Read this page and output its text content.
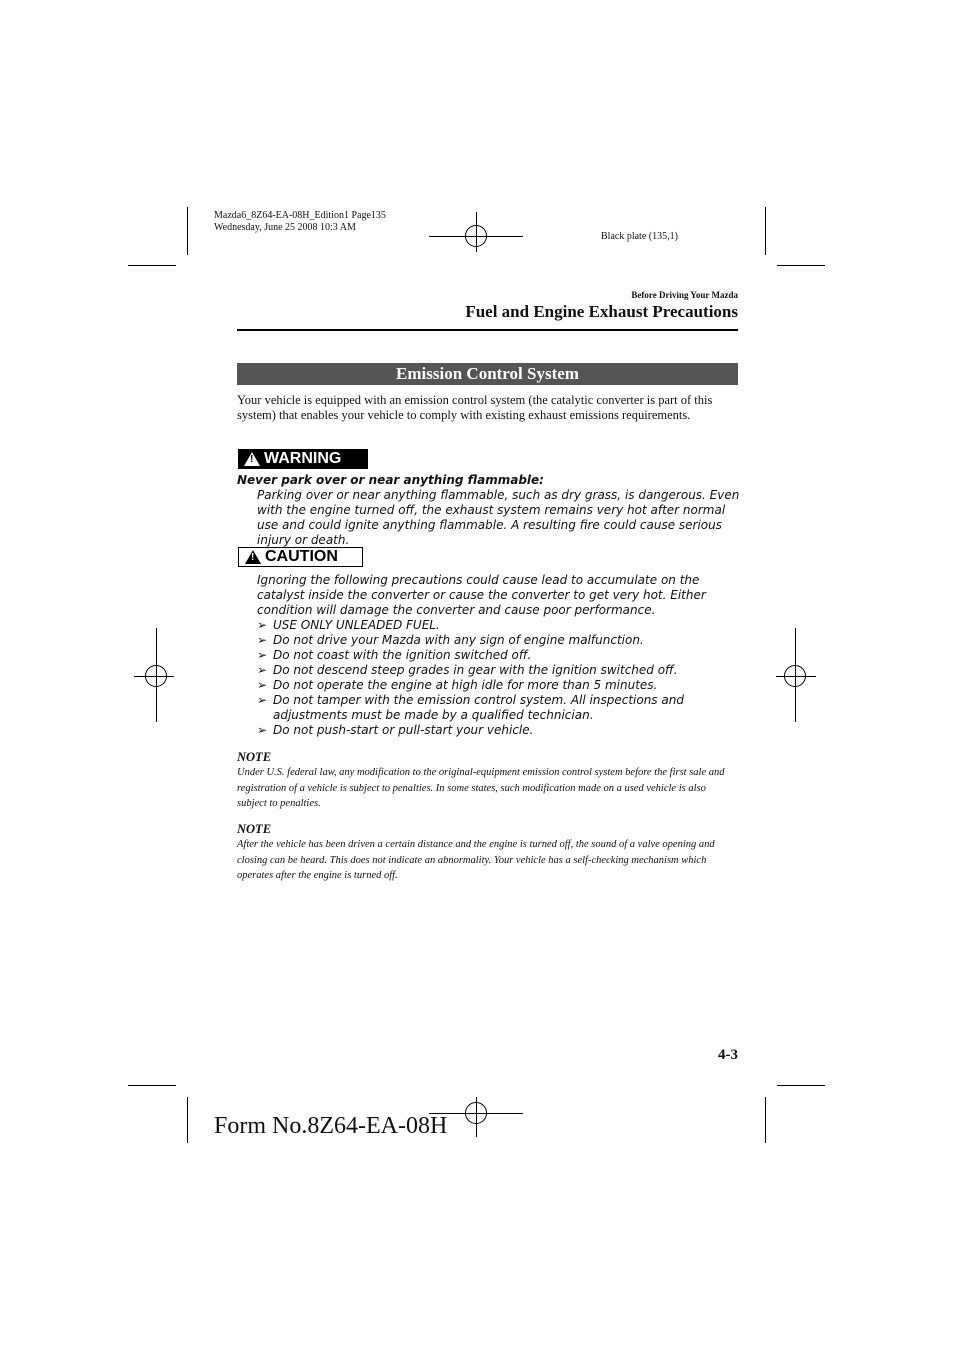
Mazda6_8Z64-EA-08H_Edition1 Page135
Wednesday, June 25 2008 10:3 AM
Black plate (135,1)
Before Driving Your Mazda
Fuel and Engine Exhaust Precautions
Emission Control System
Your vehicle is equipped with an emission control system (the catalytic converter is part of this system) that enables your vehicle to comply with existing exhaust emissions requirements.
!
WARNING
Never park over or near anything flammable:
Parking over or near anything flammable, such as dry grass, is dangerous. Even with the engine turned off, the exhaust system remains very hot after normal use and could ignite anything flammable. A resulting fire could cause serious injury or death.
!
CAUTION
Ignoring the following precautions could cause lead to accumulate on the catalyst inside the converter or cause the converter to get very hot. Either condition will damage the converter and cause poor performance.
➢ USE ONLY UNLEADED FUEL.
➢ Do not drive your Mazda with any sign of engine malfunction.
➢ Do not coast with the ignition switched off.
➢ Do not descend steep grades in gear with the ignition switched off.
➢ Do not operate the engine at high idle for more than 5 minutes.
➢ Do not tamper with the emission control system. All inspections and adjustments must be made by a qualified technician.
➢ Do not push-start or pull-start your vehicle.
NOTE
Under U.S. federal law, any modification to the original-equipment emission control system before the first sale and registration of a vehicle is subject to penalties. In some states, such modification made on a used vehicle is also subject to penalties.
NOTE
After the vehicle has been driven a certain distance and the engine is turned off, the sound of a valve opening and closing can be heard. This does not indicate an abnormality. Your vehicle has a self-checking mechanism which operates after the engine is turned off.
4-3
Form No.8Z64-EA-08H
